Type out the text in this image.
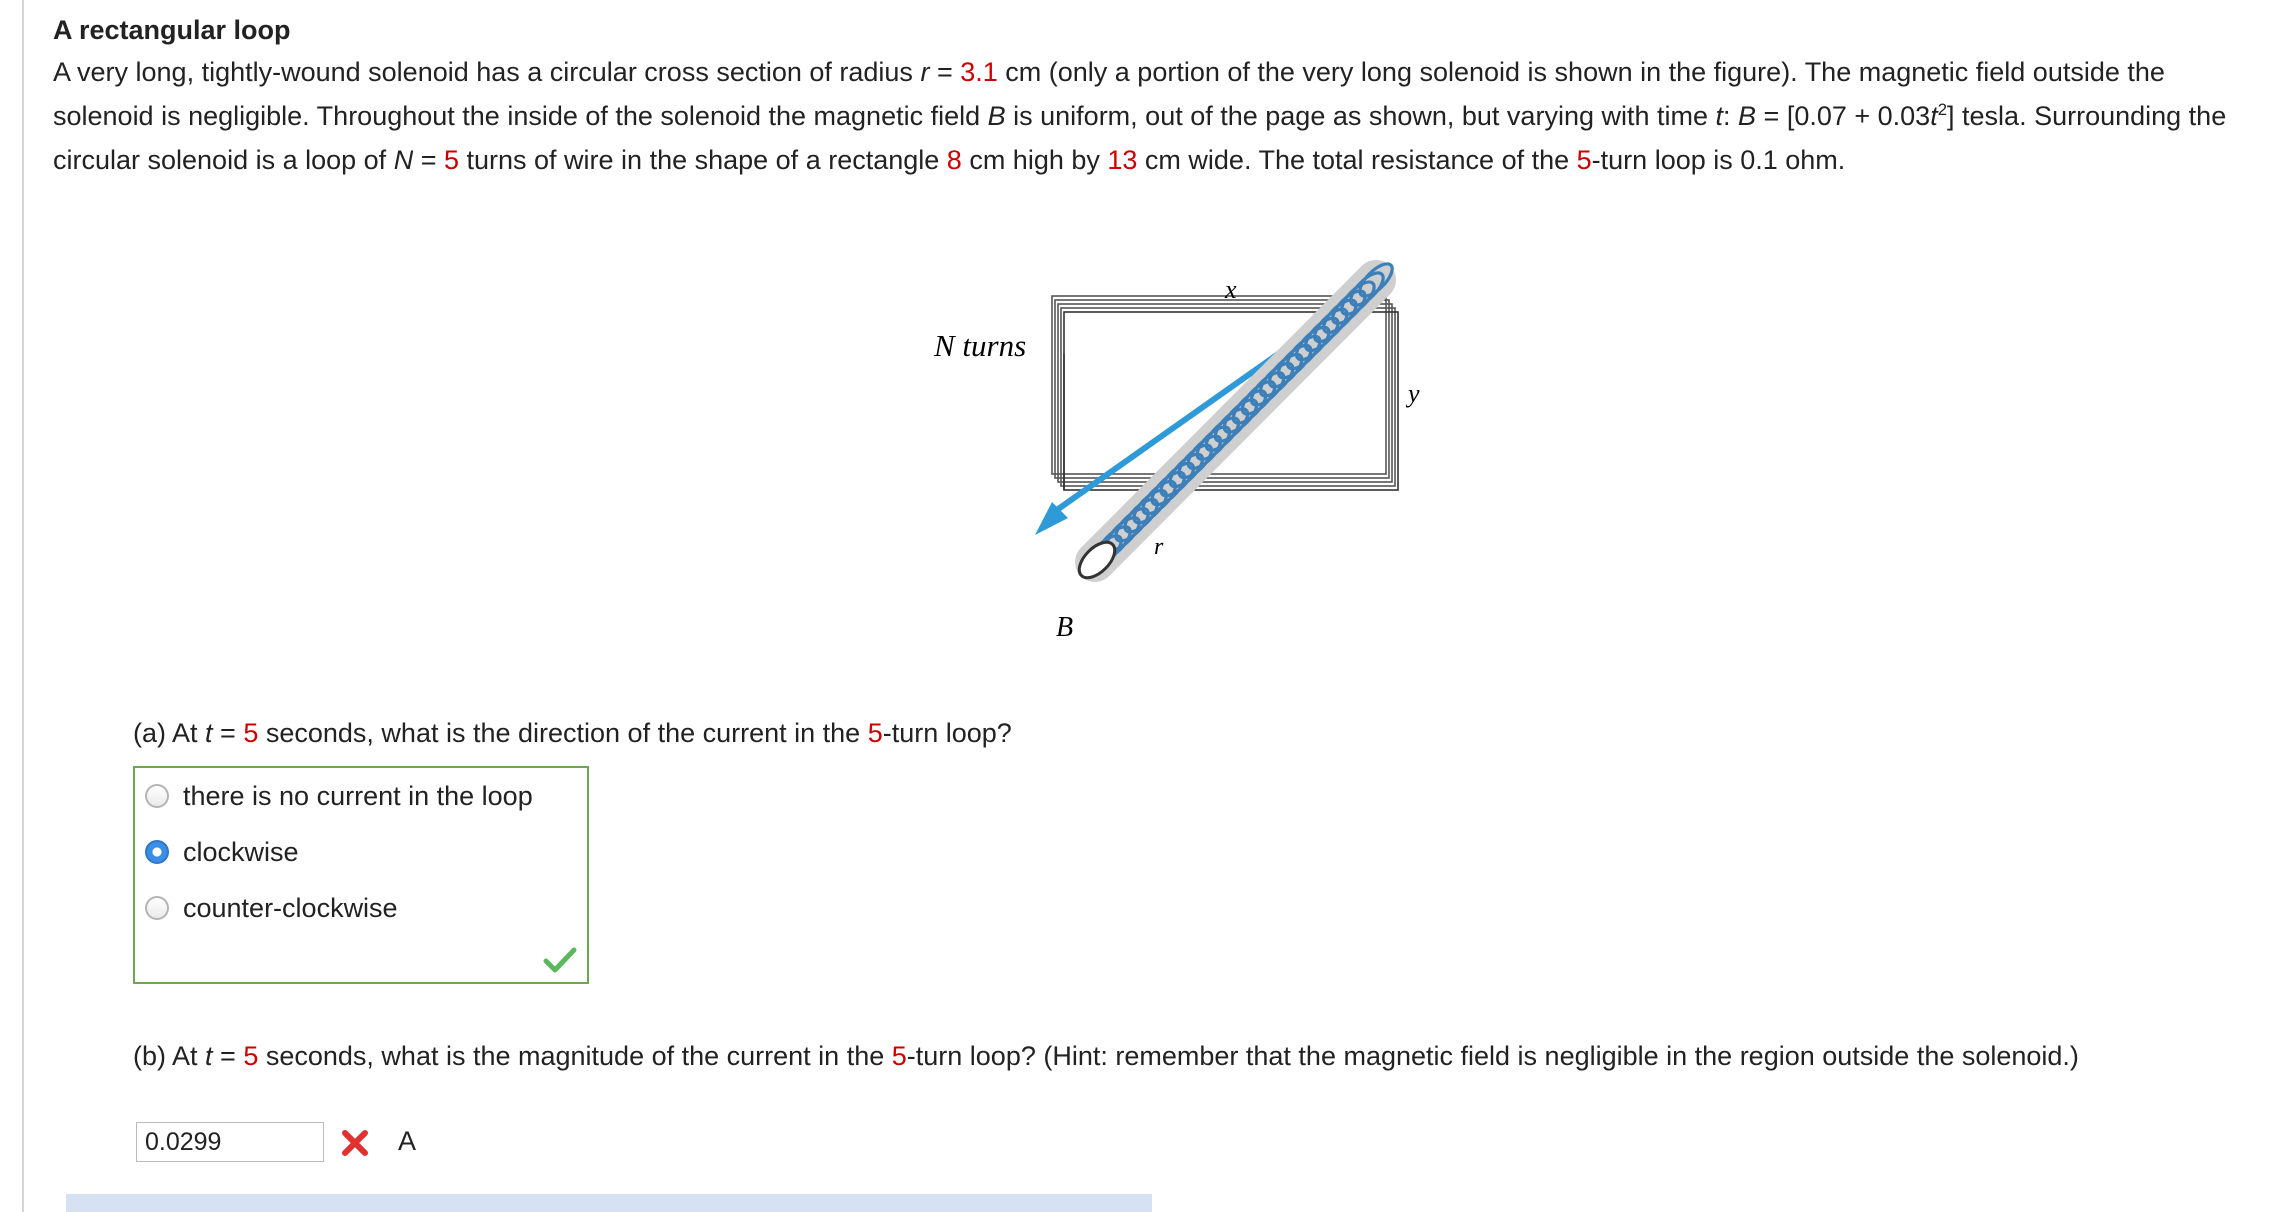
A rectangular loop

A very long, tightly-wound solenoid has a circular cross section of radius r = 3.1 cm (only a portion of the very long solenoid is shown in the figure). The magnetic field outside the solenoid is negligible. Throughout the inside of the solenoid the magnetic field B is uniform, out of the page as shown, but varying with time t: $B = [0.07 + 0.03t^2]$ tesla. Surrounding the circular solenoid is a loop of N = 5 turns of wire in the shape of a rectangle 8 cm high by 13 cm wide. The total resistance of the 5-turn loop is 0.1 ohm.

N turns
x
y
r
B
(a) At t = 5 seconds, what is the direction of the current in the 5-turn loop?
there is no current in the loop
clockwise
counter-clockwise
(b) At t = 5 seconds, what is the magnitude of the current in the 5-turn loop? (Hint: remember that the magnetic field is negligible in the region outside the solenoid.)
0.0299
A
